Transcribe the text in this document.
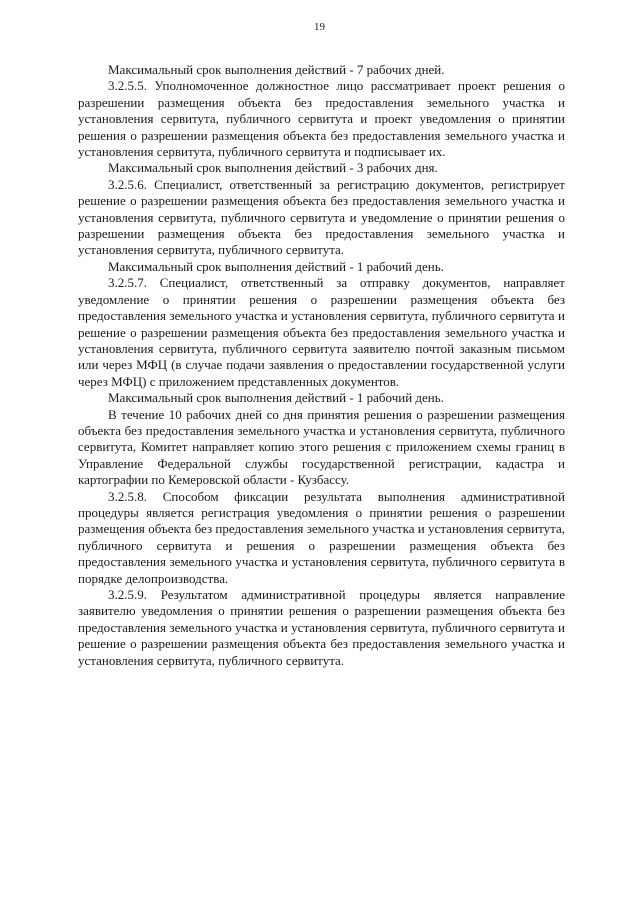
19

Максимальный срок выполнения действий - 7 рабочих дней.

3.2.5.5. Уполномоченное должностное лицо рассматривает проект решения о разрешении размещения объекта без предоставления земельного участка и установления сервитута, публичного сервитута и проект уведомления о принятии решения о разрешении размещения объекта без предоставления земельного участка и установления сервитута, публичного сервитута и подписывает их.

Максимальный срок выполнения действий - 3 рабочих дня.

3.2.5.6. Специалист, ответственный за регистрацию документов, регистрирует решение о разрешении размещения объекта без предоставления земельного участка и установления сервитута, публичного сервитута и уведомление о принятии решения о разрешении размещения объекта без предоставления земельного участка и установления сервитута, публичного сервитута.

Максимальный срок выполнения действий - 1 рабочий день.

3.2.5.7. Специалист, ответственный за отправку документов, направляет уведомление о принятии решения о разрешении размещения объекта без предоставления земельного участка и установления сервитута, публичного сервитута и решение о разрешении размещения объекта без предоставления земельного участка и установления сервитута, публичного сервитута заявителю почтой заказным письмом или через МФЦ (в случае подачи заявления о предоставлении государственной услуги через МФЦ) с приложением представленных документов.

Максимальный срок выполнения действий - 1 рабочий день.

В течение 10 рабочих дней со дня принятия решения о разрешении размещения объекта без предоставления земельного участка и установления сервитута, публичного сервитута, Комитет направляет копию этого решения с приложением схемы границ в Управление Федеральной службы государственной регистрации, кадастра и картографии по Кемеровской области - Кузбассу.

3.2.5.8. Способом фиксации результата выполнения административной процедуры является регистрация уведомления о принятии решения о разрешении размещения объекта без предоставления земельного участка и установления сервитута, публичного сервитута и решения о разрешении размещения объекта без предоставления земельного участка и установления сервитута, публичного сервитута в порядке делопроизводства.

3.2.5.9. Результатом административной процедуры является направление заявителю уведомления о принятии решения о разрешении размещения объекта без предоставления земельного участка и установления сервитута, публичного сервитута и решение о разрешении размещения объекта без предоставления земельного участка и установления сервитута, публичного сервитута.
